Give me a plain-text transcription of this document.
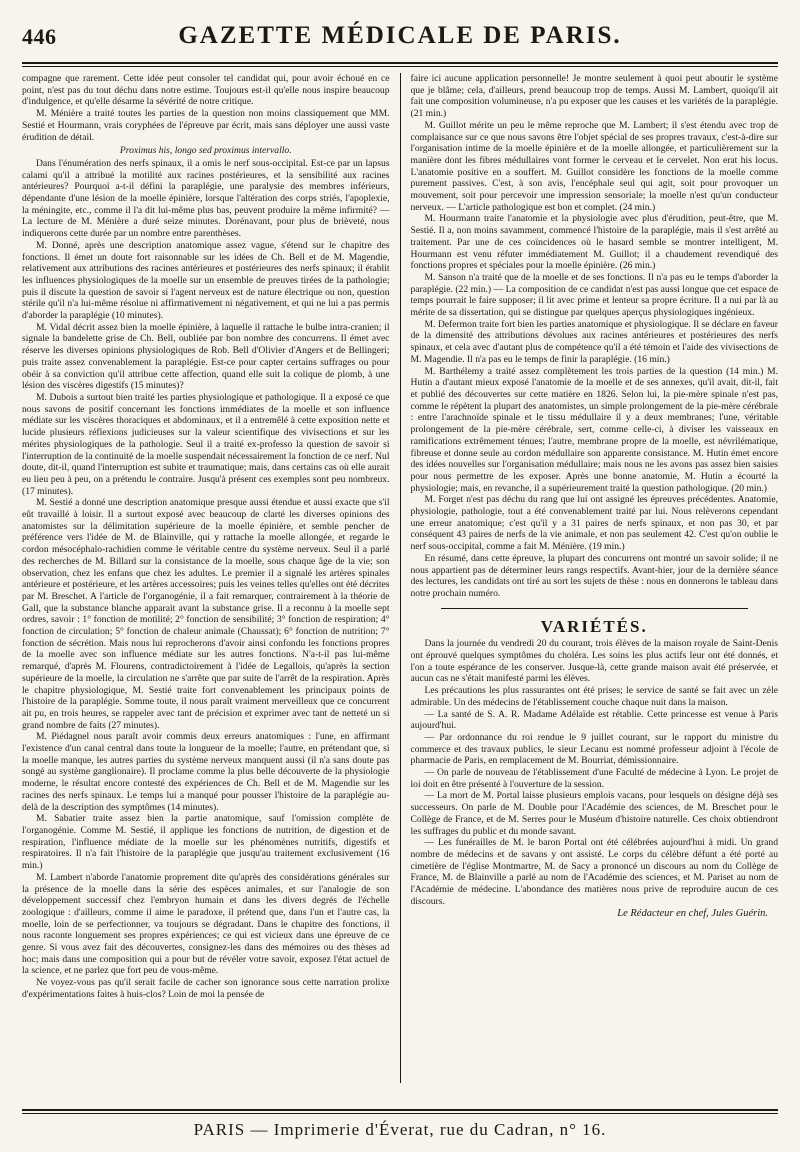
446	GAZETTE MÉDICALE DE PARIS.

compagne que rarement. Cette idée peut consoler tel candidat qui, pour avoir échoué en ce point, n'est pas du tout déchu dans notre estime. Toujours est-il qu'elle nous inspire beaucoup d'indulgence, et qu'elle désarme la sévérité de notre critique.

M. Ménière a traité toutes les parties de la question non moins classiquement que MM. Sestié et Hourmann, vrais coryphées de l'épreuve par écrit, mais sans déployer une aussi vaste érudition de détail.

Proximus his, longo sed proximus intervallo.

Dans l'énumération des nerfs spinaux, il a omis le nerf sous-occipital. Est-ce par un lapsus calami qu'il a attribué la motilité aux racines postérieures, et la sensibilité aux racines antérieures? Pourquoi a-t-il défini la paraplégie, une paralysie des membres inférieurs, dépendante d'une lésion de la moelle épinière, lorsque l'altération des corps striés, l'apoplexie, la méningite, etc., comme il l'a dit lui-même plus bas, peuvent produire la même infirmité? — La lecture de M. Ménière a duré seize minutes. Dorénavant, pour plus de brièveté, nous indiquerons cette durée par un nombre entre parenthèses.

M. Donné, après une description anatomique assez vague, s'étend sur le chapitre des fonctions. Il émet un doute fort raisonnable sur les idées de Ch. Bell et de M. Magendie, relativement aux attributions des racines antérieures et postérieures des nerfs spinaux; il établit les influences physiologiques de la moelle sur un ensemble de preuves tirées de la pathologie; puis il discute la question de savoir si l'agent nerveux est de nature électrique ou non, question stérile qu'il n'a lui-même résolue ni affirmativement ni négativement, et qui ne lui a pas permis d'aborder la paraplégie (10 minutes).

M. Vidal décrit assez bien la moelle épinière, à laquelle il rattache le bulbe intra-cranien; il signale la bandelette grise de Ch. Bell, oubliée par bon nombre des concurrens. Il émet avec réserve les diverses opinions physiologiques de Rob. Bell d'Olivier d'Angers et de Bellingeri; puis traite assez convenablement la paraplégie. Est-ce pour capter certains suffrages ou pour obéir à sa conviction qu'il attribue cette affection, quand elle suit la colique de plomb, à une lésion des viscères digestifs (15 minutes)?

M. Dubois a surtout bien traité les parties physiologique et pathologique. Il a exposé ce que nous savons de positif concernant les fonctions immédiates de la moelle et son influence médiate sur les viscères thoraciques et abdominaux, et il a entremêlé à cette exposition nette et lucide plusieurs réflexions judicieuses sur la valeur scientifique des vivisections et sur les mérites physiologiques de la pathologie. Seul il a traité ex-professo la question de savoir si l'interruption de la continuité de la moelle suspendait nécessairement la fonction de ce nerf. Nul doute, dit-il, quand l'interruption est subite et traumatique; mais, dans certains cas où elle aurait eu lieu peu à peu, on a prétendu le contraire. Jusqu'à présent ces exemples sont peu nombreux. (17 minutes).

M. Sestié a donné une description anatomique presque aussi étendue et aussi exacte que s'il eût travaillé à loisir. Il a surtout exposé avec beaucoup de clarté les diverses opinions des anatomistes sur la délimitation supérieure de la moelle épinière, et semble pencher de préférence vers l'idée de M. de Blainville, qui y rattache la moelle allongée, et regarde le cordon mésocéphalo-rachidien comme le véritable centre du système nerveux. Seul il a parlé des recherches de M. Billard sur la consistance de la moelle, sous chaque âge de la vie; son observation, chez les enfans que chez les adultes. Le premier il a signalé les artères spinales antérieure et postérieure, et les artères accessoires; puis les veines telles qu'elles ont été décrites par M. Breschet. A l'article de l'organogénie, il a fait remarquer, contrairement à la théorie de Gall, que la substance blanche apparait avant la substance grise. Il a reconnu à la moelle sept ordres, savoir : 1° fonction de motilité; 2° fonction de sensibilité; 3° fonction de respiration; 4° fonction de circulation; 5° fonction de chaleur animale (Chaussat); 6° fonction de nutrition; 7° fonction de sécrétion. Mais nous lui reprocherons d'avoir ainsi confondu les fonctions propres de la moelle avec son influence médiate sur les autres fonctions. N'a-t-il pas lui-même remarqué, d'après M. Flourens, contradictoirement à l'idée de Legallois, qu'après la section supérieure de la moelle, la circulation ne s'arrête que par suite de l'arrêt de la respiration. Après le chapitre physiologique, M. Sestié traite fort convenablement les principaux points de l'histoire de la paraplégie. Somme toute, il nous paraît vraiment merveilleux que ce concurrent ait pu, en trois heures, se rappeler avec tant de précision et exprimer avec tant de netteté un si grand nombre de faits (27 minutes).

M. Piédagnel nous paraît avoir commis deux erreurs anatomiques : l'une, en affirmant l'existence d'un canal central dans toute la longueur de la moelle; l'autre, en prétendant que, si la moelle manque, les autres parties du système nerveux manquent aussi (il n'a sans doute pas songé au système ganglionaire). Il proclame comme la plus belle découverte de la physiologie moderne, le résultat encore contesté des expériences de Ch. Bell et de M. Magendie sur les racines des nerfs spinaux. Le temps lui a manqué pour pousser l'histoire de la paraplégie au-delà de la description des symptômes (14 minutes).

M. Sabatier traite assez bien la partie anatomique, sauf l'omission complète de l'organogénie. Comme M. Sestié, il applique les fonctions de nutrition, de digestion et de respiration, l'influence médiate de la moelle sur les phénomènes nutritifs, digestifs et respiratoires. Il n'a fait l'histoire de la paraplégie que jusqu'au traitement exclusivement (16 min.)

M. Lambert n'aborde l'anatomie proprement dite qu'après des considérations générales sur la présence de la moelle dans la série des espèces animales, et sur l'analogie de son développement successif chez l'embryon humain et dans les divers degrés de l'échelle zoologique : d'ailleurs, comme il aime le paradoxe, il prétend que, dans l'un et l'autre cas, la moelle, loin de se perfectionner, va toujours se dégradant. Dans le chapitre des fonctions, il nous raconte longuement ses propres expériences; ce qui est vicieux dans une épreuve de ce genre. Si vous avez fait des découvertes, consignez-les dans des mémoires ou des thèses ad hoc; mais dans une composition qui a pour but de révéler votre savoir, exposez l'état actuel de la science, et ne parlez que fort peu de vous-même.

Ne voyez-vous pas qu'il serait facile de cacher son ignorance sous cette narration prolixe d'expérimentations faites à huis-clos? Loin de moi la pensée de

faire ici aucune application personnelle! Je montre seulement à quoi peut aboutir le système que je blâme; cela, d'ailleurs, prend beaucoup trop de temps. Aussi M. Lambert, quoiqu'il ait fait une composition volumineuse, n'a pu exposer que les causes et les variétés de la paraplégie. (21 min.)

M. Guillot mérite un peu le même reproche que M. Lambert; il s'est étendu avec trop de complaisance sur ce que nous savons être l'objet spécial de ses propres travaux, c'est-à-dire sur l'organisation intime de la moelle épinière et de la moelle allongée, et particulièrement sur la manière dont les fibres médullaires vont former le cerveau et le cervelet. Non erat his locus. L'anatomie positive en a souffert. M. Guillot considère les fonctions de la moelle comme purement passives. C'est, à son avis, l'encéphale seul qui agit, soit pour provoquer un mouvement, soit pour percevoir une impression sensoriale; la moelle n'est qu'un conducteur nerveux. — L'article pathologique est bon et complet. (24 min.)

M. Hourmann traite l'anatomie et la physiologie avec plus d'érudition, peut-être, que M. Sestié. Il a, non moins savamment, commencé l'histoire de la paraplégie, mais il s'est arrêté au traitement. Par une de ces coïncidences où le hasard semble se montrer intelligent, M. Hourmann est venu réfuter immédiatement M. Guillot; il a chaudement revendiqué des fonctions propres et spéciales pour la moelle épinière. (26 min.)

M. Sanson n'a traité que de la moelle et de ses fonctions. Il n'a pas eu le temps d'aborder la paraplégie. (22 min.) — La composition de ce candidat n'est pas aussi longue que cet espace de temps pourrait le faire supposer; il lit avec prime et lenteur sa propre écriture. Il a nui par là au mérite de sa dissertation, qui se distingue par quelques aperçus physiologiques ingénieux.

M. Defermon traite fort bien les parties anatomique et physiologique. Il se déclare en faveur de la dimensité des attributions dévolues aux racines antérieures et postérieures des nerfs spinaux, et cela avec d'autant plus de compétence qu'il a été témoin et l'aide des vivisections de M. Magendie. Il n'a pas eu le temps de finir la paraplégie. (16 min.)

M. Barthélemy a traité assez complètement les trois parties de la question (14 min.) M. Hutin a d'autant mieux exposé l'anatomie de la moelle et de ses annexes, qu'il avait, dit-il, fait et publié des découvertes sur cette matière en 1826. Selon lui, la pie-mère spinale n'est pas, comme le répètent la plupart des anatomistes, un simple prolongement de la pie-mère cérébrale : entre l'arachnoïde spinale et le tissu médullaire il y a deux membranes; l'une, véritable prolongement de la pie-mère cérébrale, sert, comme celle-ci, à diviser les vaisseaux en ramifications extrêmement ténues; l'autre, membrane propre de la moelle, est névrilématique, fibreuse et donne seule au cordon médullaire son apparente consistance. M. Hutin émet encore des idées nouvelles sur l'organisation médullaire; mais nous ne les avons pas assez bien saisies pour nous permettre de les exposer. Après une bonne anatomie, M. Hutin a écourté la physiologie; mais, en revanche, il a supérieurement traité la question pathologique. (20 min.)

M. Forget n'est pas déchu du rang que lui ont assigné les épreuves précédentes. Anatomie, physiologie, pathologie, tout a été convenablement traité par lui. Nous relèverons cependant une erreur anatomique; c'est qu'il y a 31 paires de nerfs spinaux, et non pas 30, et par conséquent 43 paires de nerfs de la vie animale, et non pas seulement 42. C'est qu'on oublie le nerf sous-occipital, comme a fait M. Ménière. (19 min.)

En résumé, dans cette épreuve, la plupart des concurrens ont montré un savoir solide; il ne nous appartient pas de déterminer leurs rangs respectifs. Avant-hier, jour de la dernière séance des lectures, les candidats ont tiré au sort les sujets de thèse : nous en donnerons le tableau dans notre prochain numéro.

VARIÉTÉS.

Dans la journée du vendredi 20 du courant, trois élèves de la maison royale de Saint-Denis ont éprouvé quelques symptômes du choléra. Les soins les plus actifs leur ont été donnés, et l'on a toute espérance de les conserver. Jusque-là, cette grande maison avait été préservée, et aucun cas ne s'était manifesté parmi les élèves.

Les précautions les plus rassurantes ont été prises; le service de santé se fait avec un zèle admirable. Un des médecins de l'établissement couche chaque nuit dans la maison.

— La santé de S. A. R. Madame Adélaïde est rétablie. Cette princesse est venue à Paris aujourd'hui.

— Par ordonnance du roi rendue le 9 juillet courant, sur le rapport du ministre du commerce et des travaux publics, le sieur Lecanu est nommé professeur adjoint à l'école de pharmacie de Paris, en remplacement de M. Bourriat, démissionnaire.

— On parle de nouveau de l'établissement d'une Faculté de médecine à Lyon. Le projet de loi doit en être présenté à l'ouverture de la session.

— La mort de M. Portal laisse plusieurs emplois vacans, pour lesquels on désigne déjà ses successeurs. On parle de M. Double pour l'Académie des sciences, de M. Breschet pour le Collège de France, et de M. Serres pour le Muséum d'histoire naturelle. Ces choix obtiendront les suffrages du public et du monde savant.

— Les funérailles de M. le baron Portal ont été célébrées aujourd'hui à midi. Un grand nombre de médecins et de savans y ont assisté. Le corps du célèbre défunt a été porté au cimetière de l'église Montmartre, M. de Sacy a prononcé un discours au nom du Collège de France, M. de Blainville a parlé au nom de l'Académie des sciences, et M. Pariset au nom de l'Académie de médecine. L'abondance des matières nous prive de reproduire aucun de ces discours.

Le Rédacteur en chef, Jules Guérin.

PARIS — Imprimerie d'Éverat, rue du Cadran, n° 16.
